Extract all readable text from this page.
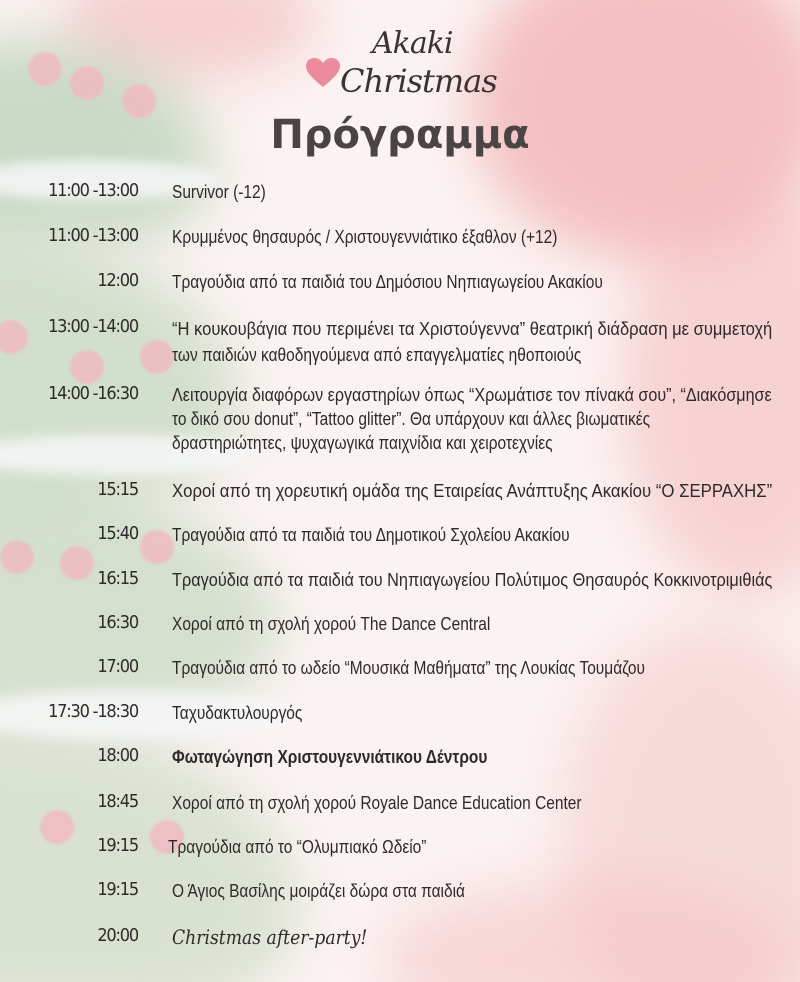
Akaki
Christmas
Πρόγραμμα
11:00 -13:00 Survivor (-12)
11:00 -13:00 Κρυμμένος θησαυρός / Χριστουγεννιάτικο έξαθλον (+12)
12:00 Τραγούδια από τα παιδιά του Δημόσιου Νηπιαγωγείου Ακακίου
13:00 -14:00 “Η κουκουβάγια που περιμένει τα Χριστούγεννα” θεατρική διάδραση με συμμετοχή
των παιδιών καθοδηγούμενα από επαγγελματίες ηθοποιούς
14:00 -16:30 Λειτουργία διαφόρων εργαστηρίων όπως “Χρωμάτισε τον πίνακά σου”, “Διακόσμησε
το δικό σου donut”, “Tattoo glitter”. Θα υπάρχουν και άλλες βιωματικές
δραστηριώτητες, ψυχαγωγικά παιχνίδια και χειροτεχνίες
15:15 Χοροί από τη χορευτική ομάδα της Εταιρείας Ανάπτυξης Ακακίου “Ο ΣΕΡΡΑΧΗΣ”
15:40 Τραγούδια από τα παιδιά του Δημοτικού Σχολείου Ακακίου
16:15 Τραγούδια από τα παιδιά του Νηπιαγωγείου Πολύτιμος Θησαυρός Κοκκινοτριμιθιάς
16:30 Χοροί από τη σχολή χορού The Dance Central
17:00 Τραγούδια από το ωδείο “Μουσικά Μαθήματα” της Λουκίας Τουμάζου
17:30 -18:30 Ταχυδακτυλουργός
18:00 Φωταγώγηση Χριστουγεννιάτικου Δέντρου
18:45 Χοροί από τη σχολή χορού Royale Dance Education Center
19:15 Τραγούδια από το “Ολυμπιακό Ωδείο”
19:15 Ο Άγιος Βασίλης μοιράζει δώρα στα παιδιά
20:00 Christmas after-party!
